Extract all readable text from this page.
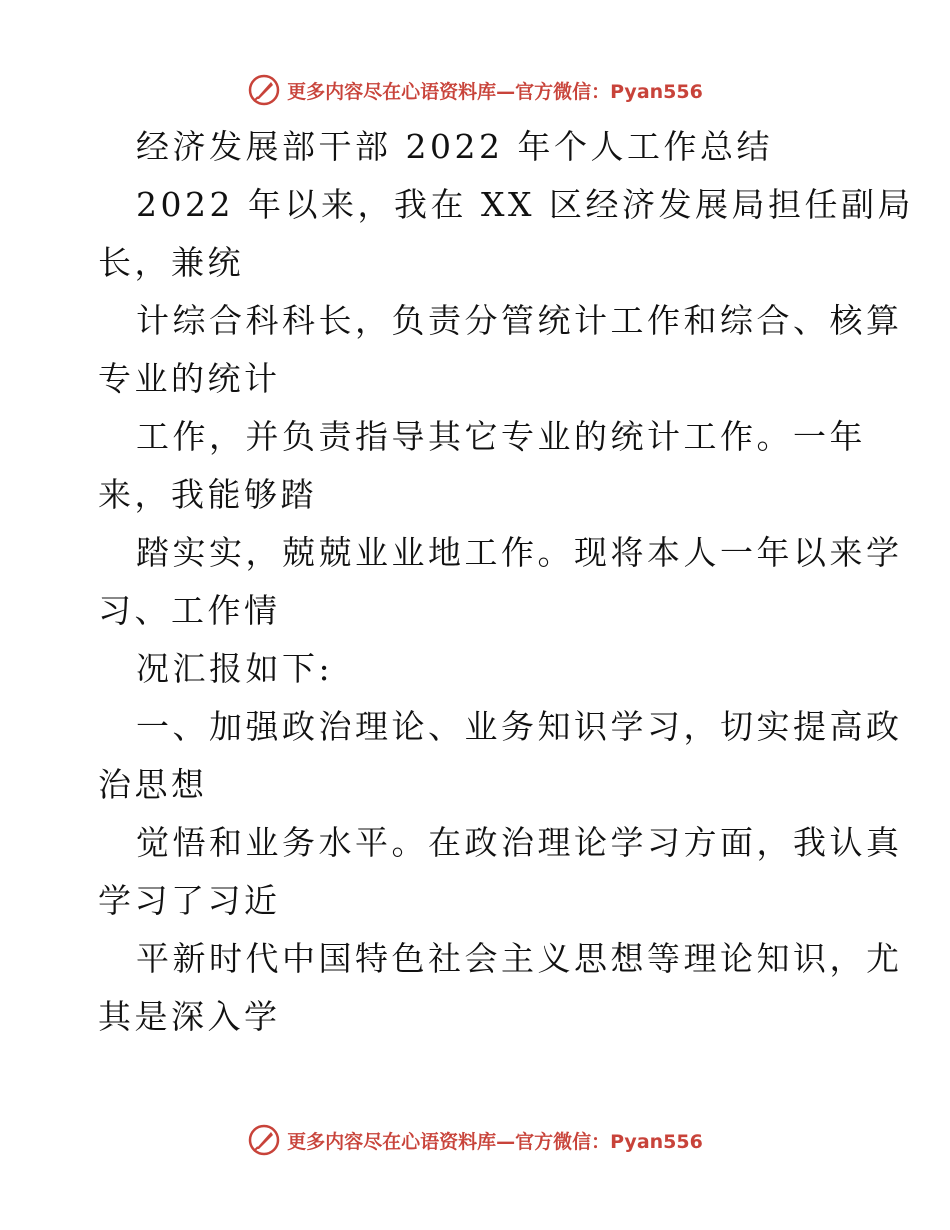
更多内容尽在心语资料库—官方微信：Pyan556
经济发展部干部 2022 年个人工作总结
2022 年以来，我在 XX 区经济发展局担任副局
长，兼统
计综合科科长，负责分管统计工作和综合、核算
专业的统计
工作，并负责指导其它专业的统计工作。一年
来，我能够踏
踏实实，兢兢业业地工作。现将本人一年以来学
习、工作情
况汇报如下:
一、加强政治理论、业务知识学习，切实提高政
治思想
觉悟和业务水平。在政治理论学习方面，我认真
学习了习近
平新时代中国特色社会主义思想等理论知识，尤
其是深入学
更多内容尽在心语资料库—官方微信：Pyan556
